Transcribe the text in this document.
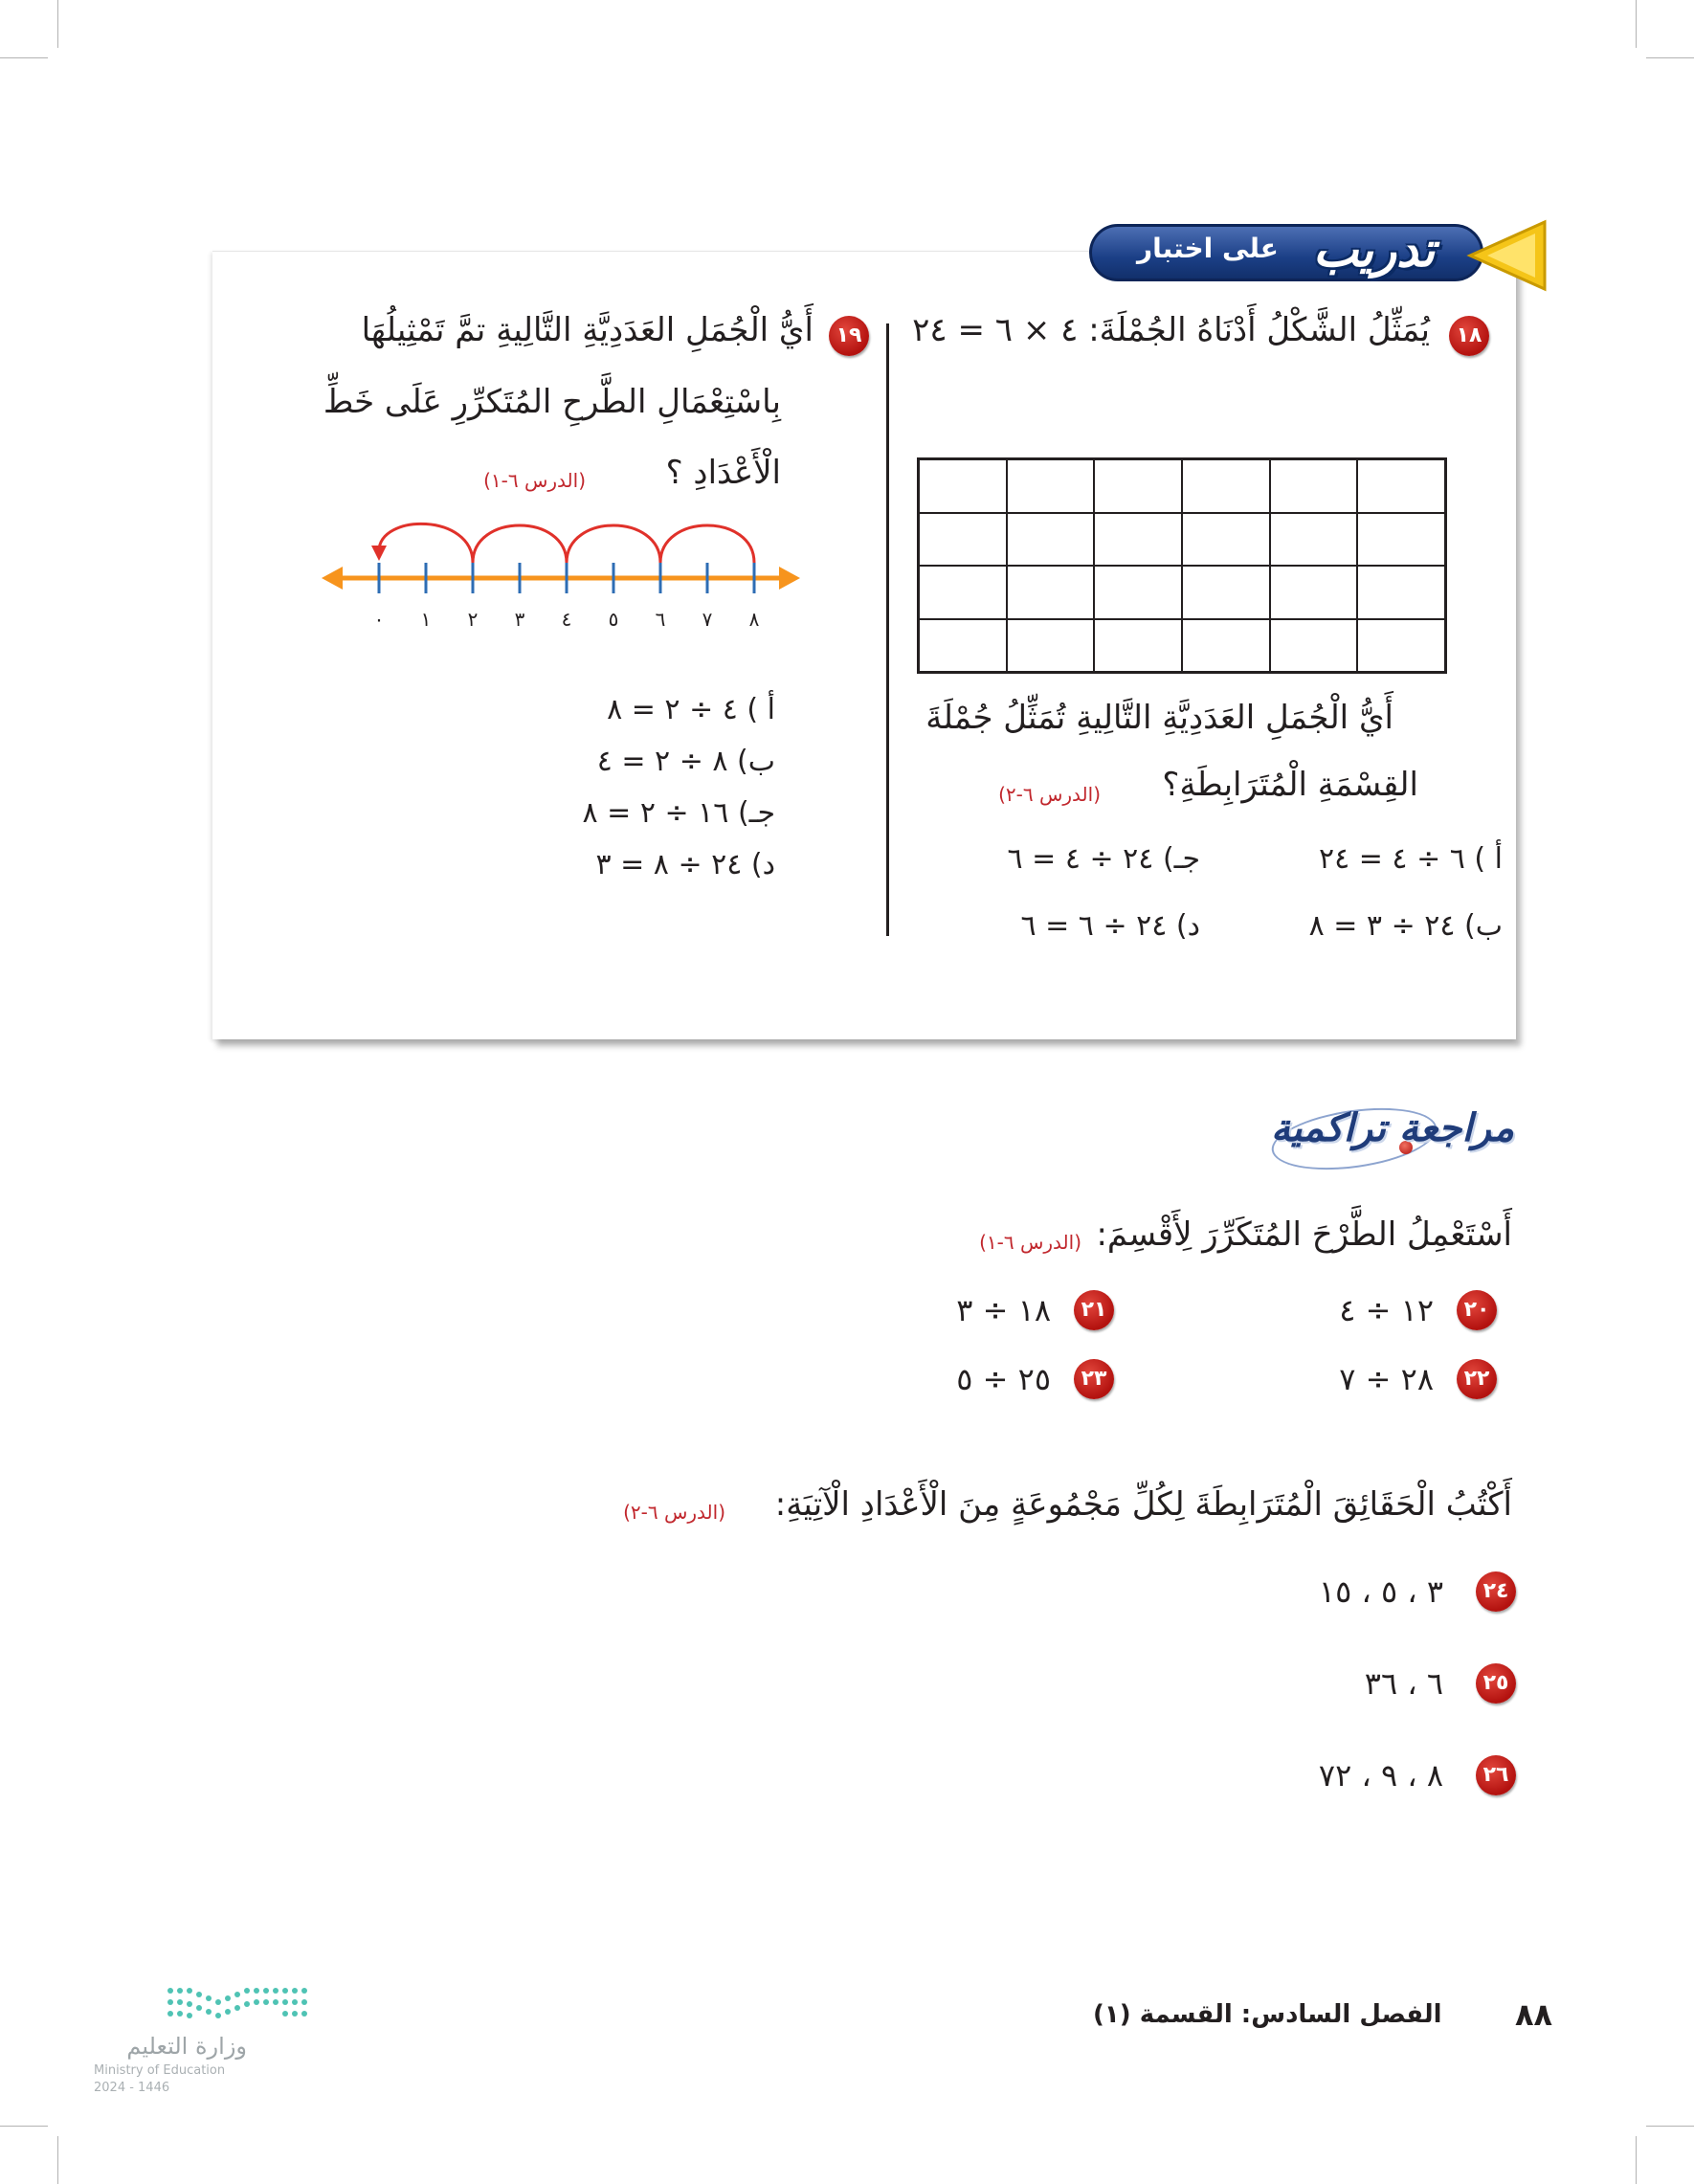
على اختبار تدريب
١٨
يُمَثِّلُ الشَّكْلُ أَدْنَاهُ الجُمْلَةَ: ٤ × ٦ = ٢٤
أَيُّ الْجُمَلِ العَدَدِيَّةِ التَّالِيةِ تُمَثِّلُ جُمْلَةَ
القِسْمَةِ الْمُتَرَابِطَةِ؟
(الدرس ٦-٢)
أ ) ٦ ÷ ٤ = ٢٤
جـ) ٢٤ ÷ ٤ = ٦
ب) ٢٤ ÷ ٣ = ٨
د) ٢٤ ÷ ٦ = ٦
١٩
أَيُّ الْجُمَلِ العَدَدِيَّةِ التَّالِيةِ تمَّ تَمْثِيلُهَا
بِاسْتِعْمَالِ الطَّرحِ المُتَكرِّرِ عَلَى خَطِّ
الْأَعْدَادِ ؟
(الدرس ٦-١)
٠ ١ ٢ ٣ ٤ ٥ ٦ ٧ ٨
أ ) ٤ ÷ ٢ = ٨
ب) ٨ ÷ ٢ = ٤
جـ) ١٦ ÷ ٢ = ٨
د) ٢٤ ÷ ٨ = ٣
مراجعة تراكمية
أَسْتَعْمِلُ الطَّرْحَ المُتَكَرِّرَ لِأَقْسِمَ:
(الدرس ٦-١)
٢٠
١٢ ÷ ٤
٢١
١٨ ÷ ٣
٢٢
٢٨ ÷ ٧
٢٣
٢٥ ÷ ٥
أَكْتُبُ الْحَقَائِقَ الْمُتَرَابِطَةَ لِكُلِّ مَجْمُوعَةٍ مِنَ الْأَعْدَادِ الْآتِيَةِ:
(الدرس ٦-٢)
٢٤
٣ ، ٥ ، ١٥
٢٥
٦ ، ٣٦
٢٦
٨ ، ٩ ، ٧٢
الفصل السادس: القسمة (١) ٨٨
وزارة التعليم
Ministry of Education
2024 - 1446
